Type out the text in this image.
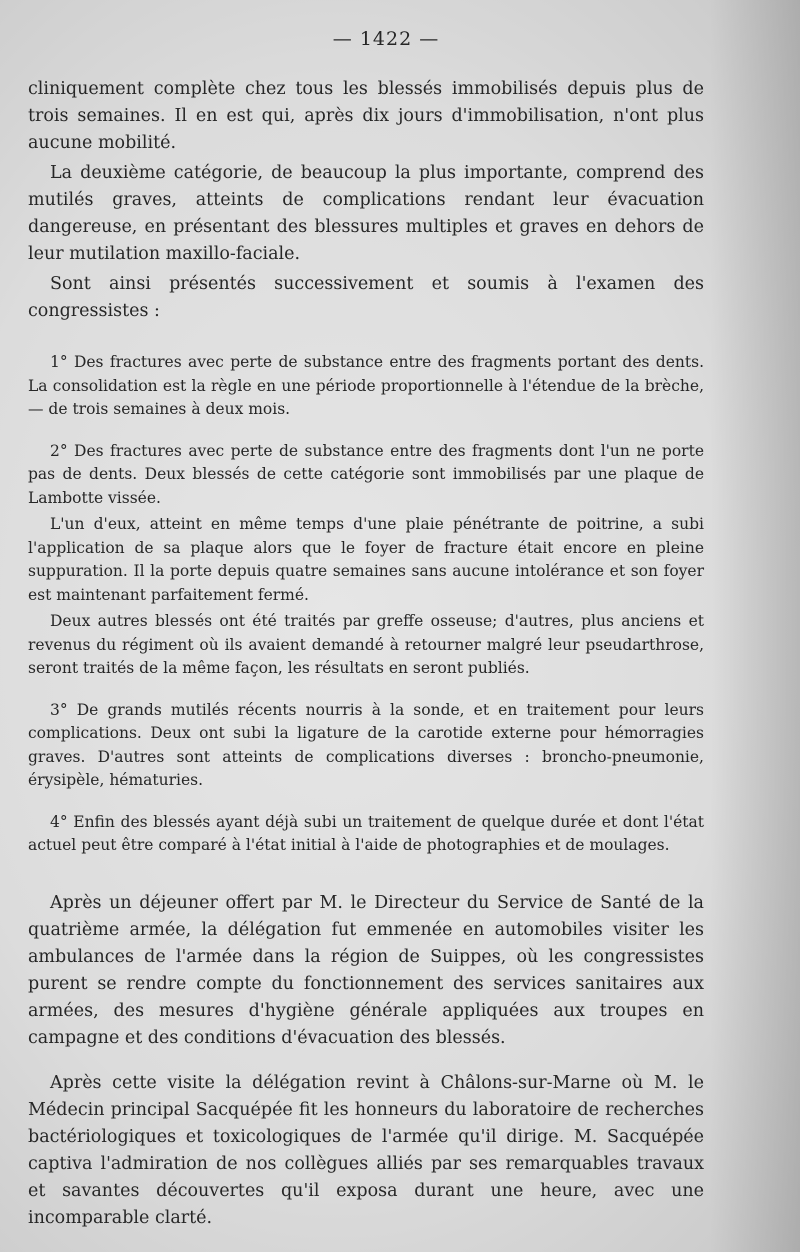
— 1422 —

cliniquement complète chez tous les blessés immobilisés depuis plus de trois semaines. Il en est qui, après dix jours d'immobilisation, n'ont plus aucune mobilité.

La deuxième catégorie, de beaucoup la plus importante, comprend des mutilés graves, atteints de complications rendant leur évacuation dangereuse, en présentant des blessures multiples et graves en dehors de leur mutilation maxillo-faciale.

Sont ainsi présentés successivement et soumis à l'examen des congressistes :

1° Des fractures avec perte de substance entre des fragments portant des dents. La consolidation est la règle en une période proportionnelle à l'étendue de la brèche, — de trois semaines à deux mois.

2° Des fractures avec perte de substance entre des fragments dont l'un ne porte pas de dents. Deux blessés de cette catégorie sont immobilisés par une plaque de Lambotte vissée.

L'un d'eux, atteint en même temps d'une plaie pénétrante de poitrine, a subi l'application de sa plaque alors que le foyer de fracture était encore en pleine suppuration. Il la porte depuis quatre semaines sans aucune intolérance et son foyer est maintenant parfaitement fermé.

Deux autres blessés ont été traités par greffe osseuse; d'autres, plus anciens et revenus du régiment où ils avaient demandé à retourner malgré leur pseudarthrose, seront traités de la même façon, les résultats en seront publiés.

3° De grands mutilés récents nourris à la sonde, et en traitement pour leurs complications. Deux ont subi la ligature de la carotide externe pour hémorragies graves. D'autres sont atteints de complications diverses : broncho-pneumonie, érysipèle, hématuries.

4° Enfin des blessés ayant déjà subi un traitement de quelque durée et dont l'état actuel peut être comparé à l'état initial à l'aide de photographies et de moulages.

Après un déjeuner offert par M. le Directeur du Service de Santé de la quatrième armée, la délégation fut emmenée en automobiles visiter les ambulances de l'armée dans la région de Suippes, où les congressistes purent se rendre compte du fonctionnement des services sanitaires aux armées, des mesures d'hygiène générale appliquées aux troupes en campagne et des conditions d'évacuation des blessés.

Après cette visite la délégation revint à Châlons-sur-Marne où M. le Médecin principal Sacquépée fit les honneurs du laboratoire de recherches bactériologiques et toxicologiques de l'armée qu'il dirige. M. Sacquépée captiva l'admiration de nos collègues alliés par ses remarquables travaux et savantes découvertes qu'il exposa durant une heure, avec une incomparable clarté.
